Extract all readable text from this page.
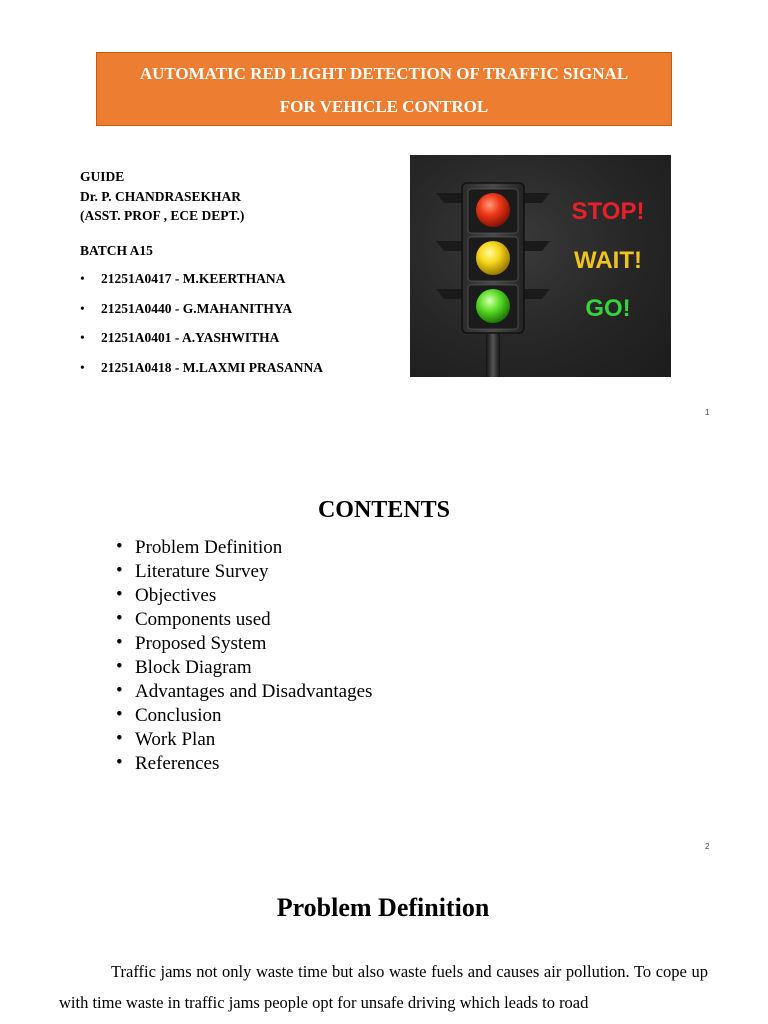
AUTOMATIC RED LIGHT DETECTION OF TRAFFIC SIGNAL
FOR VEHICLE CONTROL
GUIDE
Dr. P. CHANDRASEKHAR
(ASST. PROF , ECE DEPT.)
BATCH A15
• 21251A0417 - M.KEERTHANA
• 21251A0440 - G.MAHANITHYA
• 21251A0401 - A.YASHWITHA
• 21251A0418 - M.LAXMI PRASANNA
STOP!
WAIT!
GO!
1
CONTENTS
• Problem Definition
• Literature Survey
• Objectives
• Components used
• Proposed System
• Block Diagram
• Advantages and Disadvantages
• Conclusion
• Work Plan
• References
2
Problem Definition

Traffic jams not only waste time but also waste fuels and causes air pollution. To cope up with time waste in traffic jams people opt for unsafe driving which leads to road
